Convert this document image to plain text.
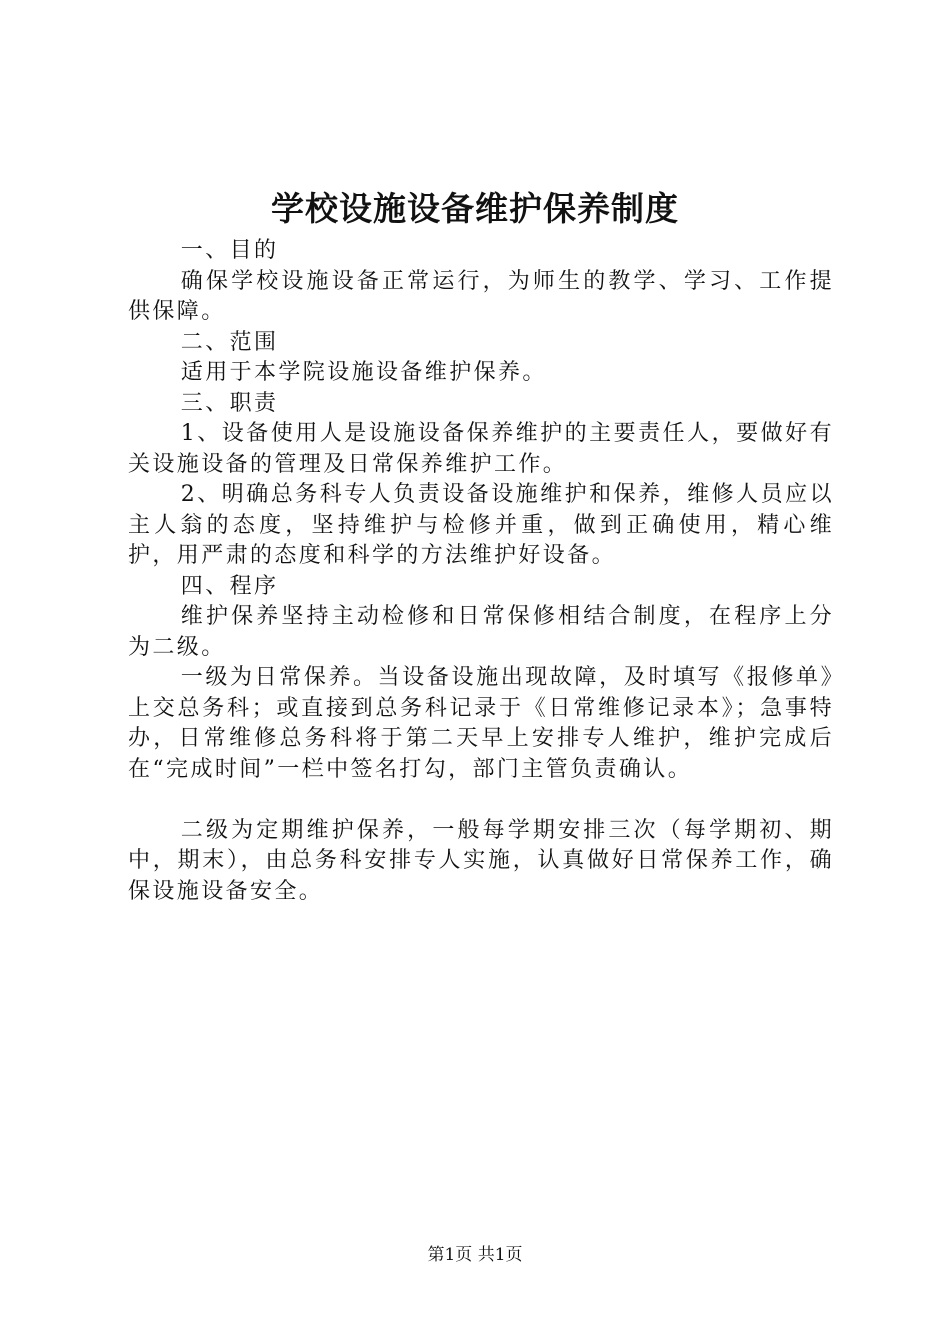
学校设施设备维护保养制度

一、目的

确保学校设施设备正常运行，为师生的教学、学习、工作提供保障。

二、范围

适用于本学院设施设备维护保养。

三、职责

1、设备使用人是设施设备保养维护的主要责任人，要做好有关设施设备的管理及日常保养维护工作。

2、明确总务科专人负责设备设施维护和保养，维修人员应以主人翁的态度，坚持维护与检修并重，做到正确使用，精心维护，用严肃的态度和科学的方法维护好设备。

四、程序

维护保养坚持主动检修和日常保修相结合制度，在程序上分为二级。

一级为日常保养。当设备设施出现故障，及时填写《报修单》上交总务科；或直接到总务科记录于《日常维修记录本》；急事特办，日常维修总务科将于第二天早上安排专人维护，维护完成后在“完成时间”一栏中签名打勾，部门主管负责确认。

二级为定期维护保养，一般每学期安排三次（每学期初、期中，期末），由总务科安排专人实施，认真做好日常保养工作，确保设施设备安全。

第1页 共1页
